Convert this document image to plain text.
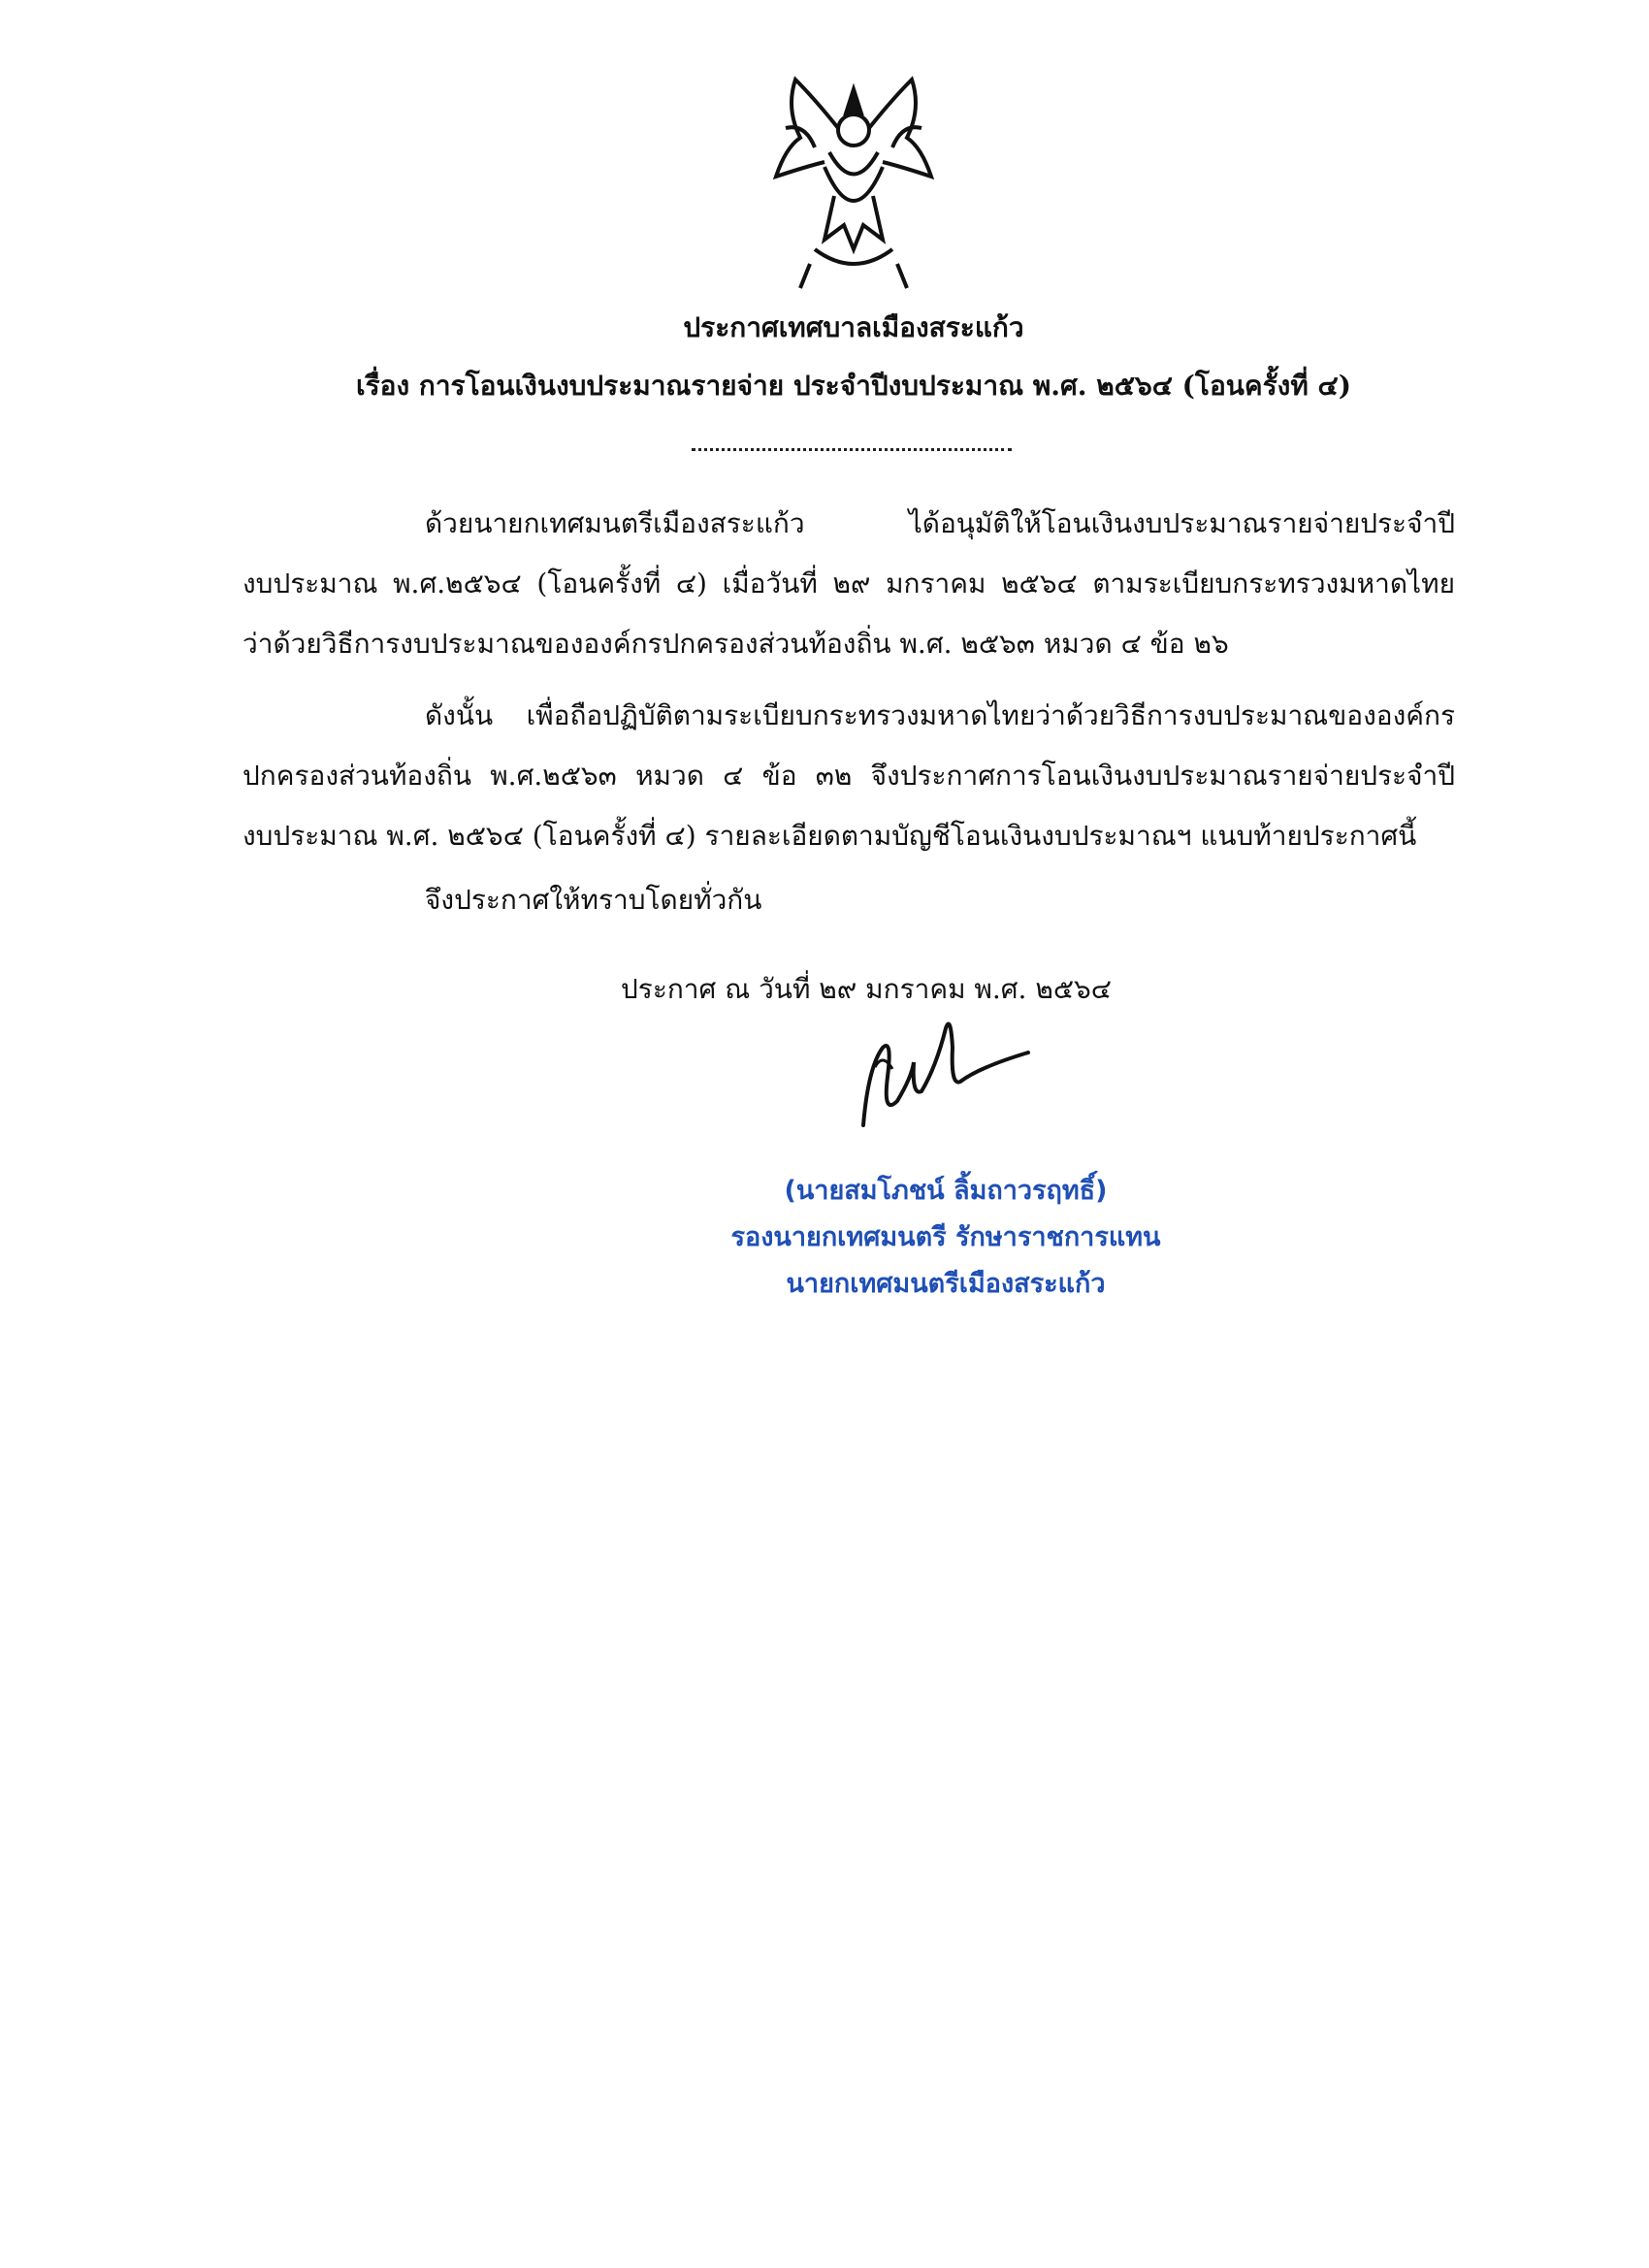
ประกาศเทศบาลเมืองสระแก้ว
เรื่อง การโอนเงินงบประมาณรายจ่าย ประจำปีงบประมาณ พ.ศ. ๒๕๖๔ (โอนครั้งที่ ๔)
ด้วยนายกเทศมนตรีเมืองสระแก้ว ได้อนุมัติให้โอนเงินงบประมาณรายจ่ายประจำปี
งบประมาณ พ.ศ.๒๕๖๔ (โอนครั้งที่ ๔) เมื่อวันที่ ๒๙ มกราคม ๒๕๖๔ ตามระเบียบกระทรวงมหาดไทย
ว่าด้วยวิธีการงบประมาณขององค์กรปกครองส่วนท้องถิ่น พ.ศ. ๒๕๖๓ หมวด ๔ ข้อ ๒๖
ดังนั้น เพื่อถือปฏิบัติตามระเบียบกระทรวงมหาดไทยว่าด้วยวิธีการงบประมาณขององค์กร
ปกครองส่วนท้องถิ่น พ.ศ.๒๕๖๓ หมวด ๔ ข้อ ๓๒ จึงประกาศการโอนเงินงบประมาณรายจ่ายประจำปี
งบประมาณ พ.ศ. ๒๕๖๔ (โอนครั้งที่ ๔) รายละเอียดตามบัญชีโอนเงินงบประมาณฯ แนบท้ายประกาศนี้
จึงประกาศให้ทราบโดยทั่วกัน
ประกาศ ณ วันที่ ๒๙ มกราคม พ.ศ. ๒๕๖๔
(นายสมโภชน์ ลิ้มถาวรฤทธิ์)
รองนายกเทศมนตรี รักษาราชการแทน
นายกเทศมนตรีเมืองสระแก้ว
